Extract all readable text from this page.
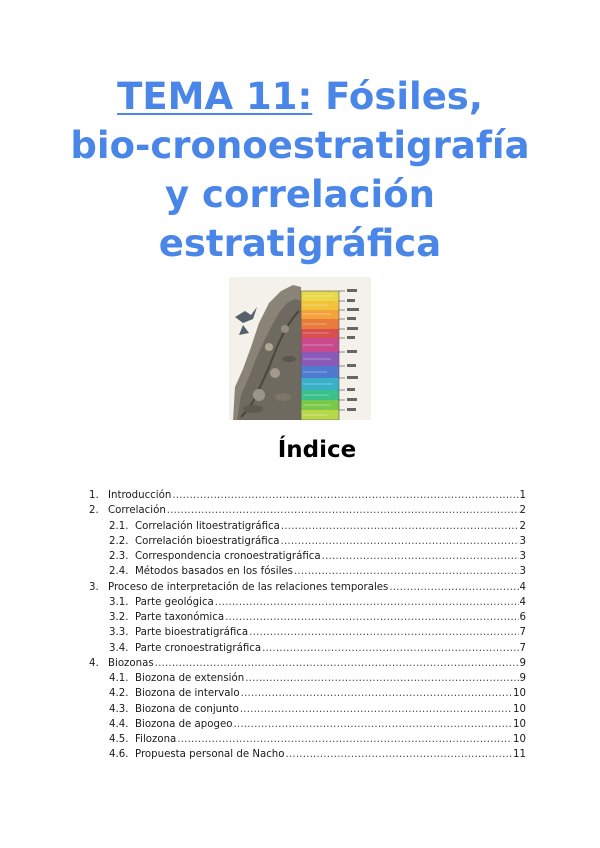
TEMA 11: Fósiles,
bio-cronoestratigrafía
y correlación
estratigráfica
Índice
1. Introducción .....	1
2. Correlación .....	2
2.1. Correlación litoestratigráfica .....	2
2.2. Correlación bioestratigráfica .....	3
2.3. Correspondencia cronoestratigráfica .....	3
2.4. Métodos basados en los fósiles .....	3
3. Proceso de interpretación de las relaciones temporales .....	4
3.1. Parte geológica .....	4
3.2. Parte taxonómica .....	6
3.3. Parte bioestratigráfica .....	7
3.4. Parte cronoestratigráfica .....	7
4. Biozonas .....	9
4.1. Biozona de extensión .....	9
4.2. Biozona de intervalo .....	10
4.3. Biozona de conjunto .....	10
4.4. Biozona de apogeo .....	10
4.5. Filozona .....	10
4.6. Propuesta personal de Nacho .....	11
